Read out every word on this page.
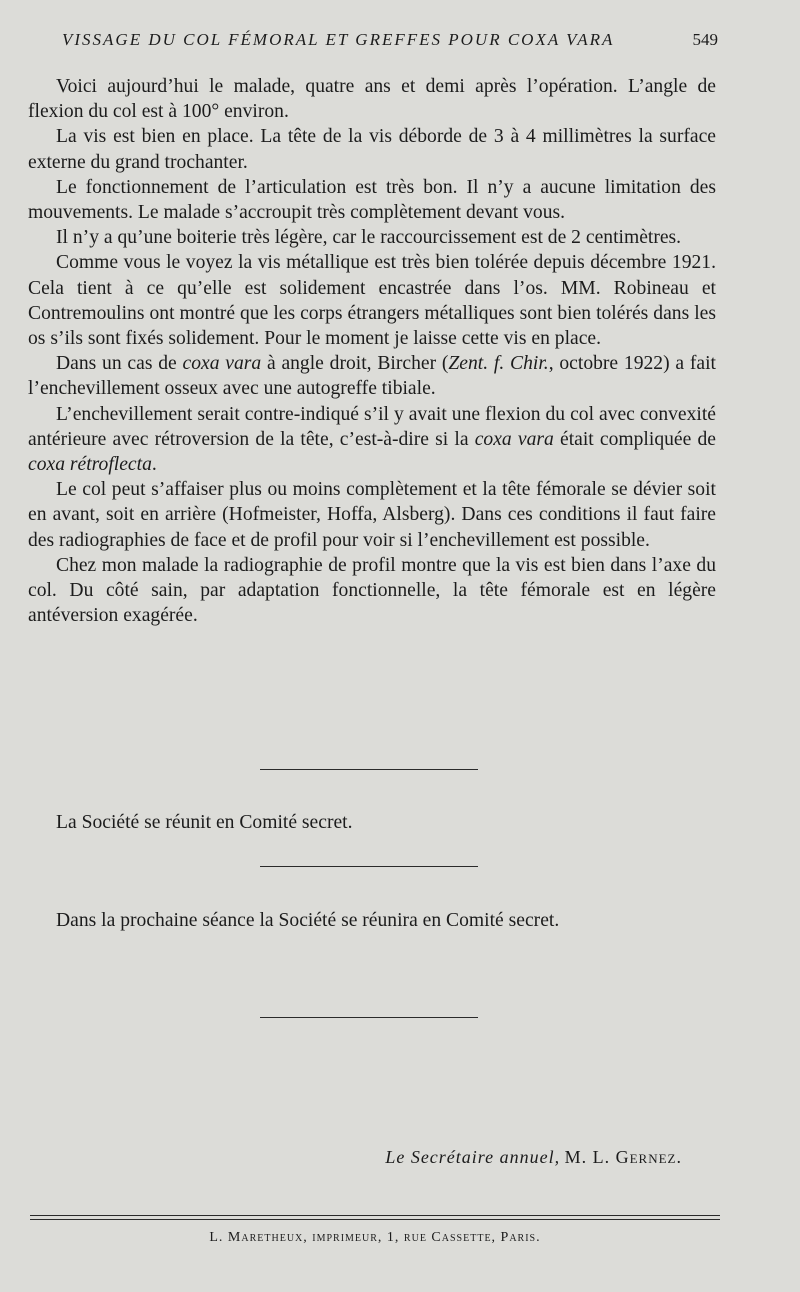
VISSAGE DU COL FÉMORAL ET GREFFES POUR COXA VARA	549

Voici aujourd’hui le malade, quatre ans et demi après l’opération. L’angle de flexion du col est à 100° environ.

La vis est bien en place. La tête de la vis déborde de 3 à 4 millimètres la surface externe du grand trochanter.

Le fonctionnement de l’articulation est très bon. Il n’y a aucune limitation des mouvements. Le malade s’accroupit très complètement devant vous.

Il n’y a qu’une boiterie très légère, car le raccourcissement est de 2 centimètres.

Comme vous le voyez la vis métallique est très bien tolérée depuis décembre 1921. Cela tient à ce qu’elle est solidement encastrée dans l’os. MM. Robineau et Contremoulins ont montré que les corps étrangers métalliques sont bien tolérés dans les os s’ils sont fixés solidement. Pour le moment je laisse cette vis en place.

Dans un cas de coxa vara à angle droit, Bircher (Zent. f. Chir., octobre 1922) a fait l’enchevillement osseux avec une autogreffe tibiale.

L’enchevillement serait contre-indiqué s’il y avait une flexion du col avec convexité antérieure avec rétroversion de la tête, c’est-à-dire si la coxa vara était compliquée de coxa rétroflecta.

Le col peut s’affaiser plus ou moins complètement et la tête fémorale se dévier soit en avant, soit en arrière (Hofmeister, Hoffa, Alsberg). Dans ces conditions il faut faire des radiographies de face et de profil pour voir si l’enchevillement est possible.

Chez mon malade la radiographie de profil montre que la vis est bien dans l’axe du col. Du côté sain, par adaptation fonctionnelle, la tête fémorale est en légère antéversion exagérée.

La Société se réunit en Comité secret.
Dans la prochaine séance la Société se réunira en Comité secret.
Le Secrétaire annuel, M. L. Gernez.
L. Maretheux, imprimeur, 1, rue Cassette, Paris.
